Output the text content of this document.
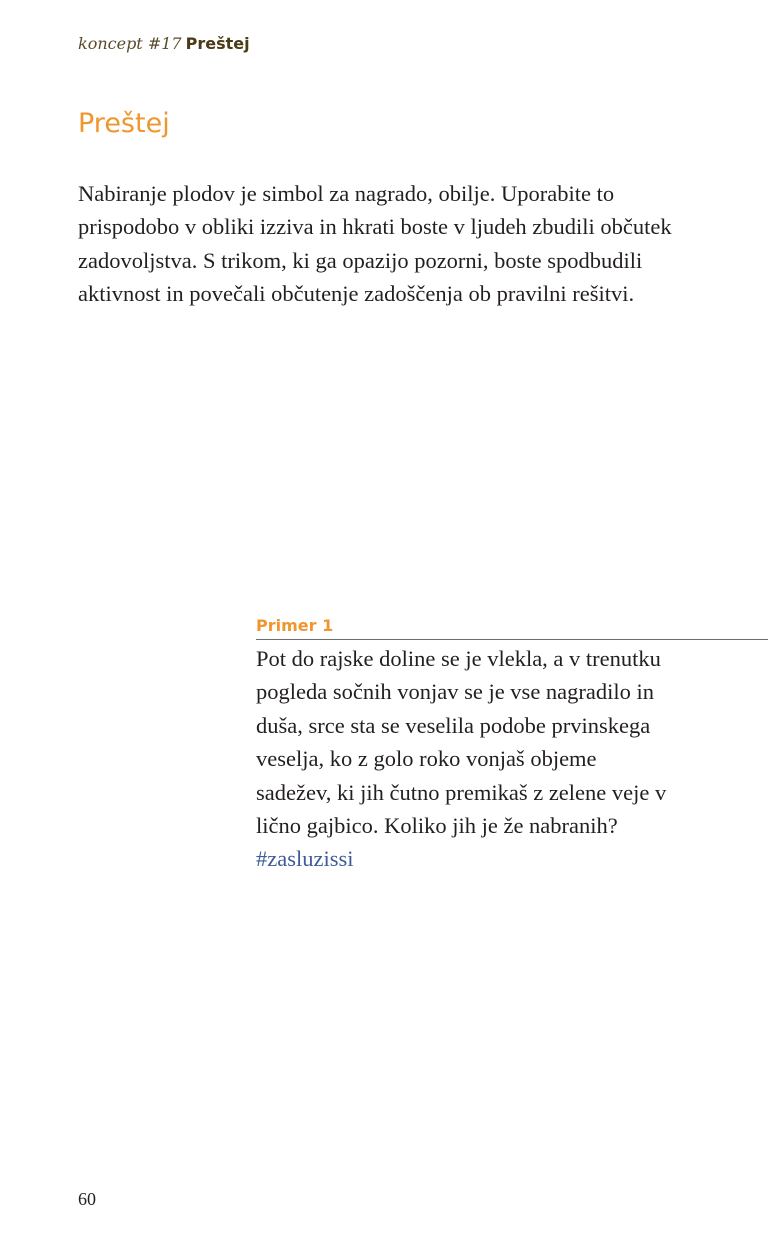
koncept #17 Preštej
Preštej

Nabiranje plodov je simbol za nagrado, obilje. Uporabite to prispodobo v obliki izziva in hkrati boste v ljudeh zbudili občutek zadovoljstva. S trikom, ki ga opazijo pozorni, boste spodbudili aktivnost in povečali občutenje zadoščenja ob pravilni rešitvi.

Primer 1

Pot do rajske doline se je vlekla, a v trenutku pogleda sočnih vonjav se je vse nagradilo in duša, srce sta se veselila podobe prvinskega veselja, ko z golo roko vonjaš objeme sadežev, ki jih čutno premikaš z zelene veje v lično gajbico. Koliko jih je že nabranih? #zasluzissi

60
